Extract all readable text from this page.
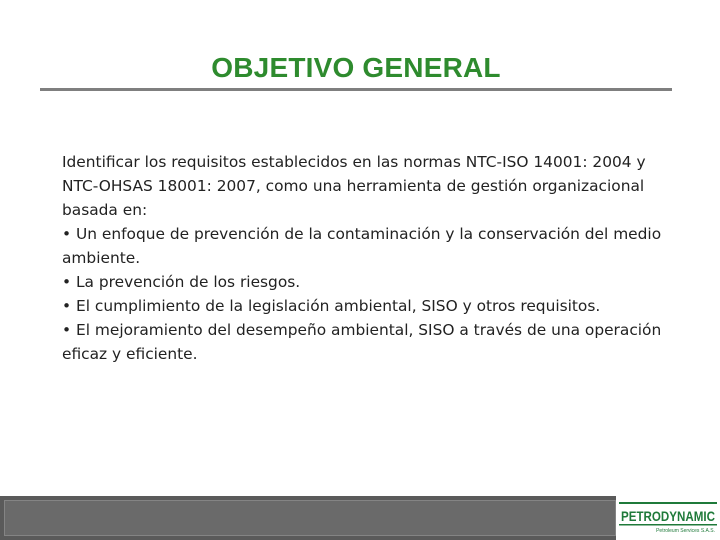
OBJETIVO GENERAL
Identificar los requisitos establecidos en las normas NTC-ISO 14001: 2004 y
NTC-OHSAS 18001: 2007, como una herramienta de gestión organizacional
basada en:
• Un enfoque de prevención de la contaminación y la conservación del medio
ambiente.
• La prevención de los riesgos.
• El cumplimiento de la legislación ambiental, SISO y otros requisitos.
• El mejoramiento del desempeño ambiental, SISO a través de una operación
eficaz y eficiente.
PETRODYNAMIC
Petroleum Services S.A.S.
